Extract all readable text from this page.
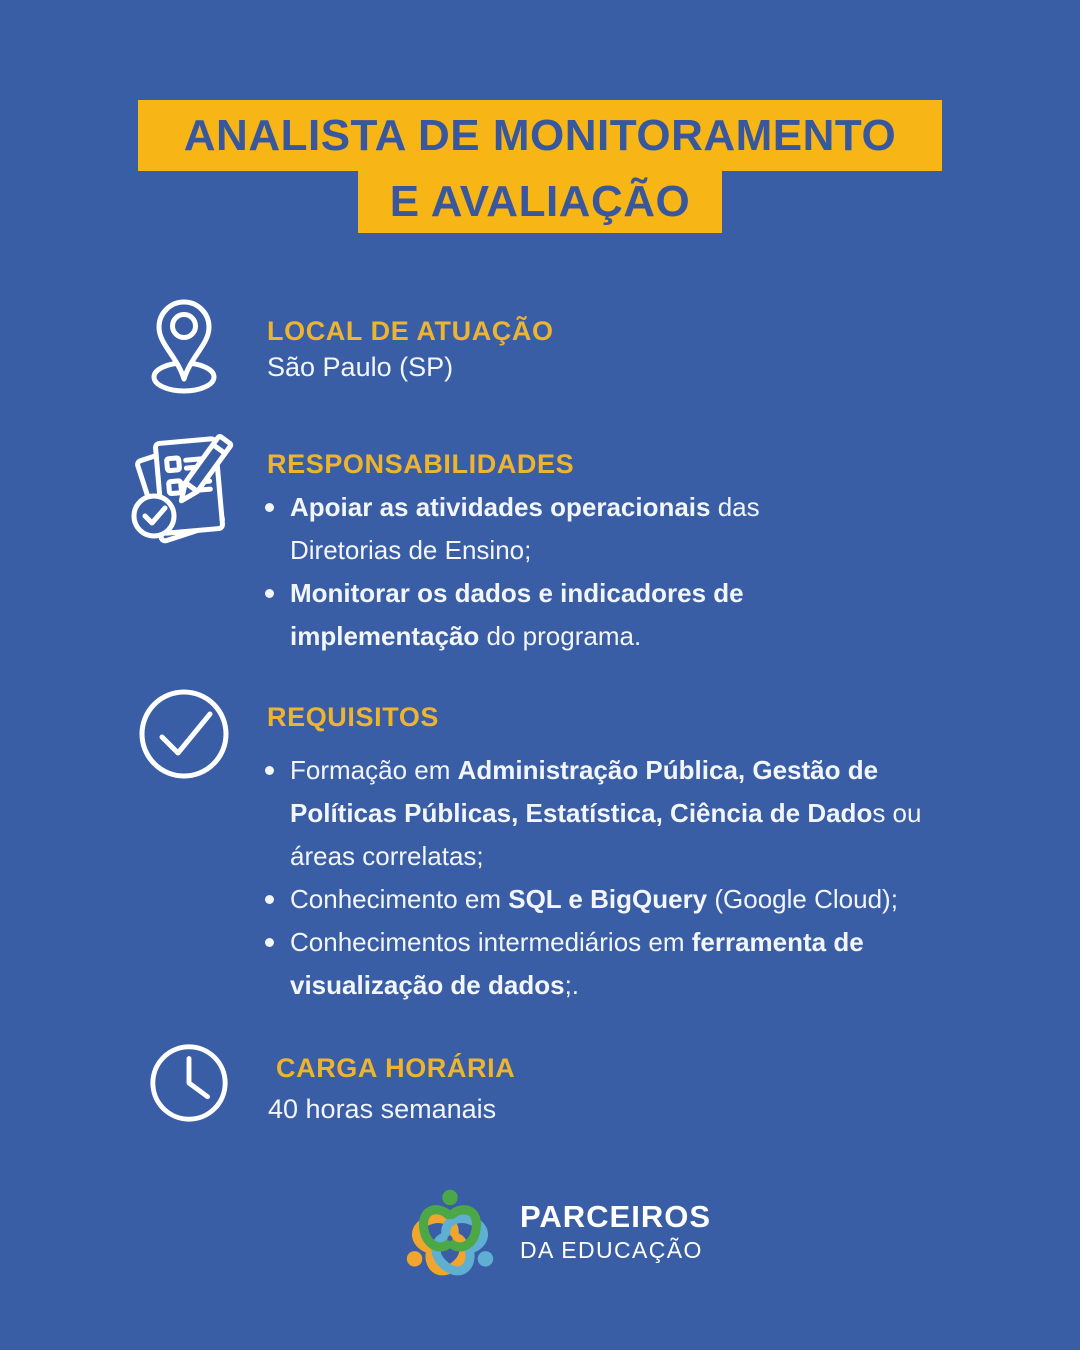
ANALISTA DE MONITORAMENTO
E AVALIAÇÃO
LOCAL DE ATUAÇÃO
São Paulo (SP)
RESPONSABILIDADES
Apoiar as atividades operacionais das
Diretorias de Ensino;
Monitorar os dados e indicadores de
implementação do programa.
REQUISITOS
Formação em Administração Pública, Gestão de
Políticas Públicas, Estatística, Ciência de Dados ou
áreas correlatas;
Conhecimento em SQL e BigQuery (Google Cloud);
Conhecimentos intermediários em ferramenta de
visualização de dados;.
CARGA HORÁRIA
40 horas semanais
PARCEIROS
DA EDUCAÇÃO
